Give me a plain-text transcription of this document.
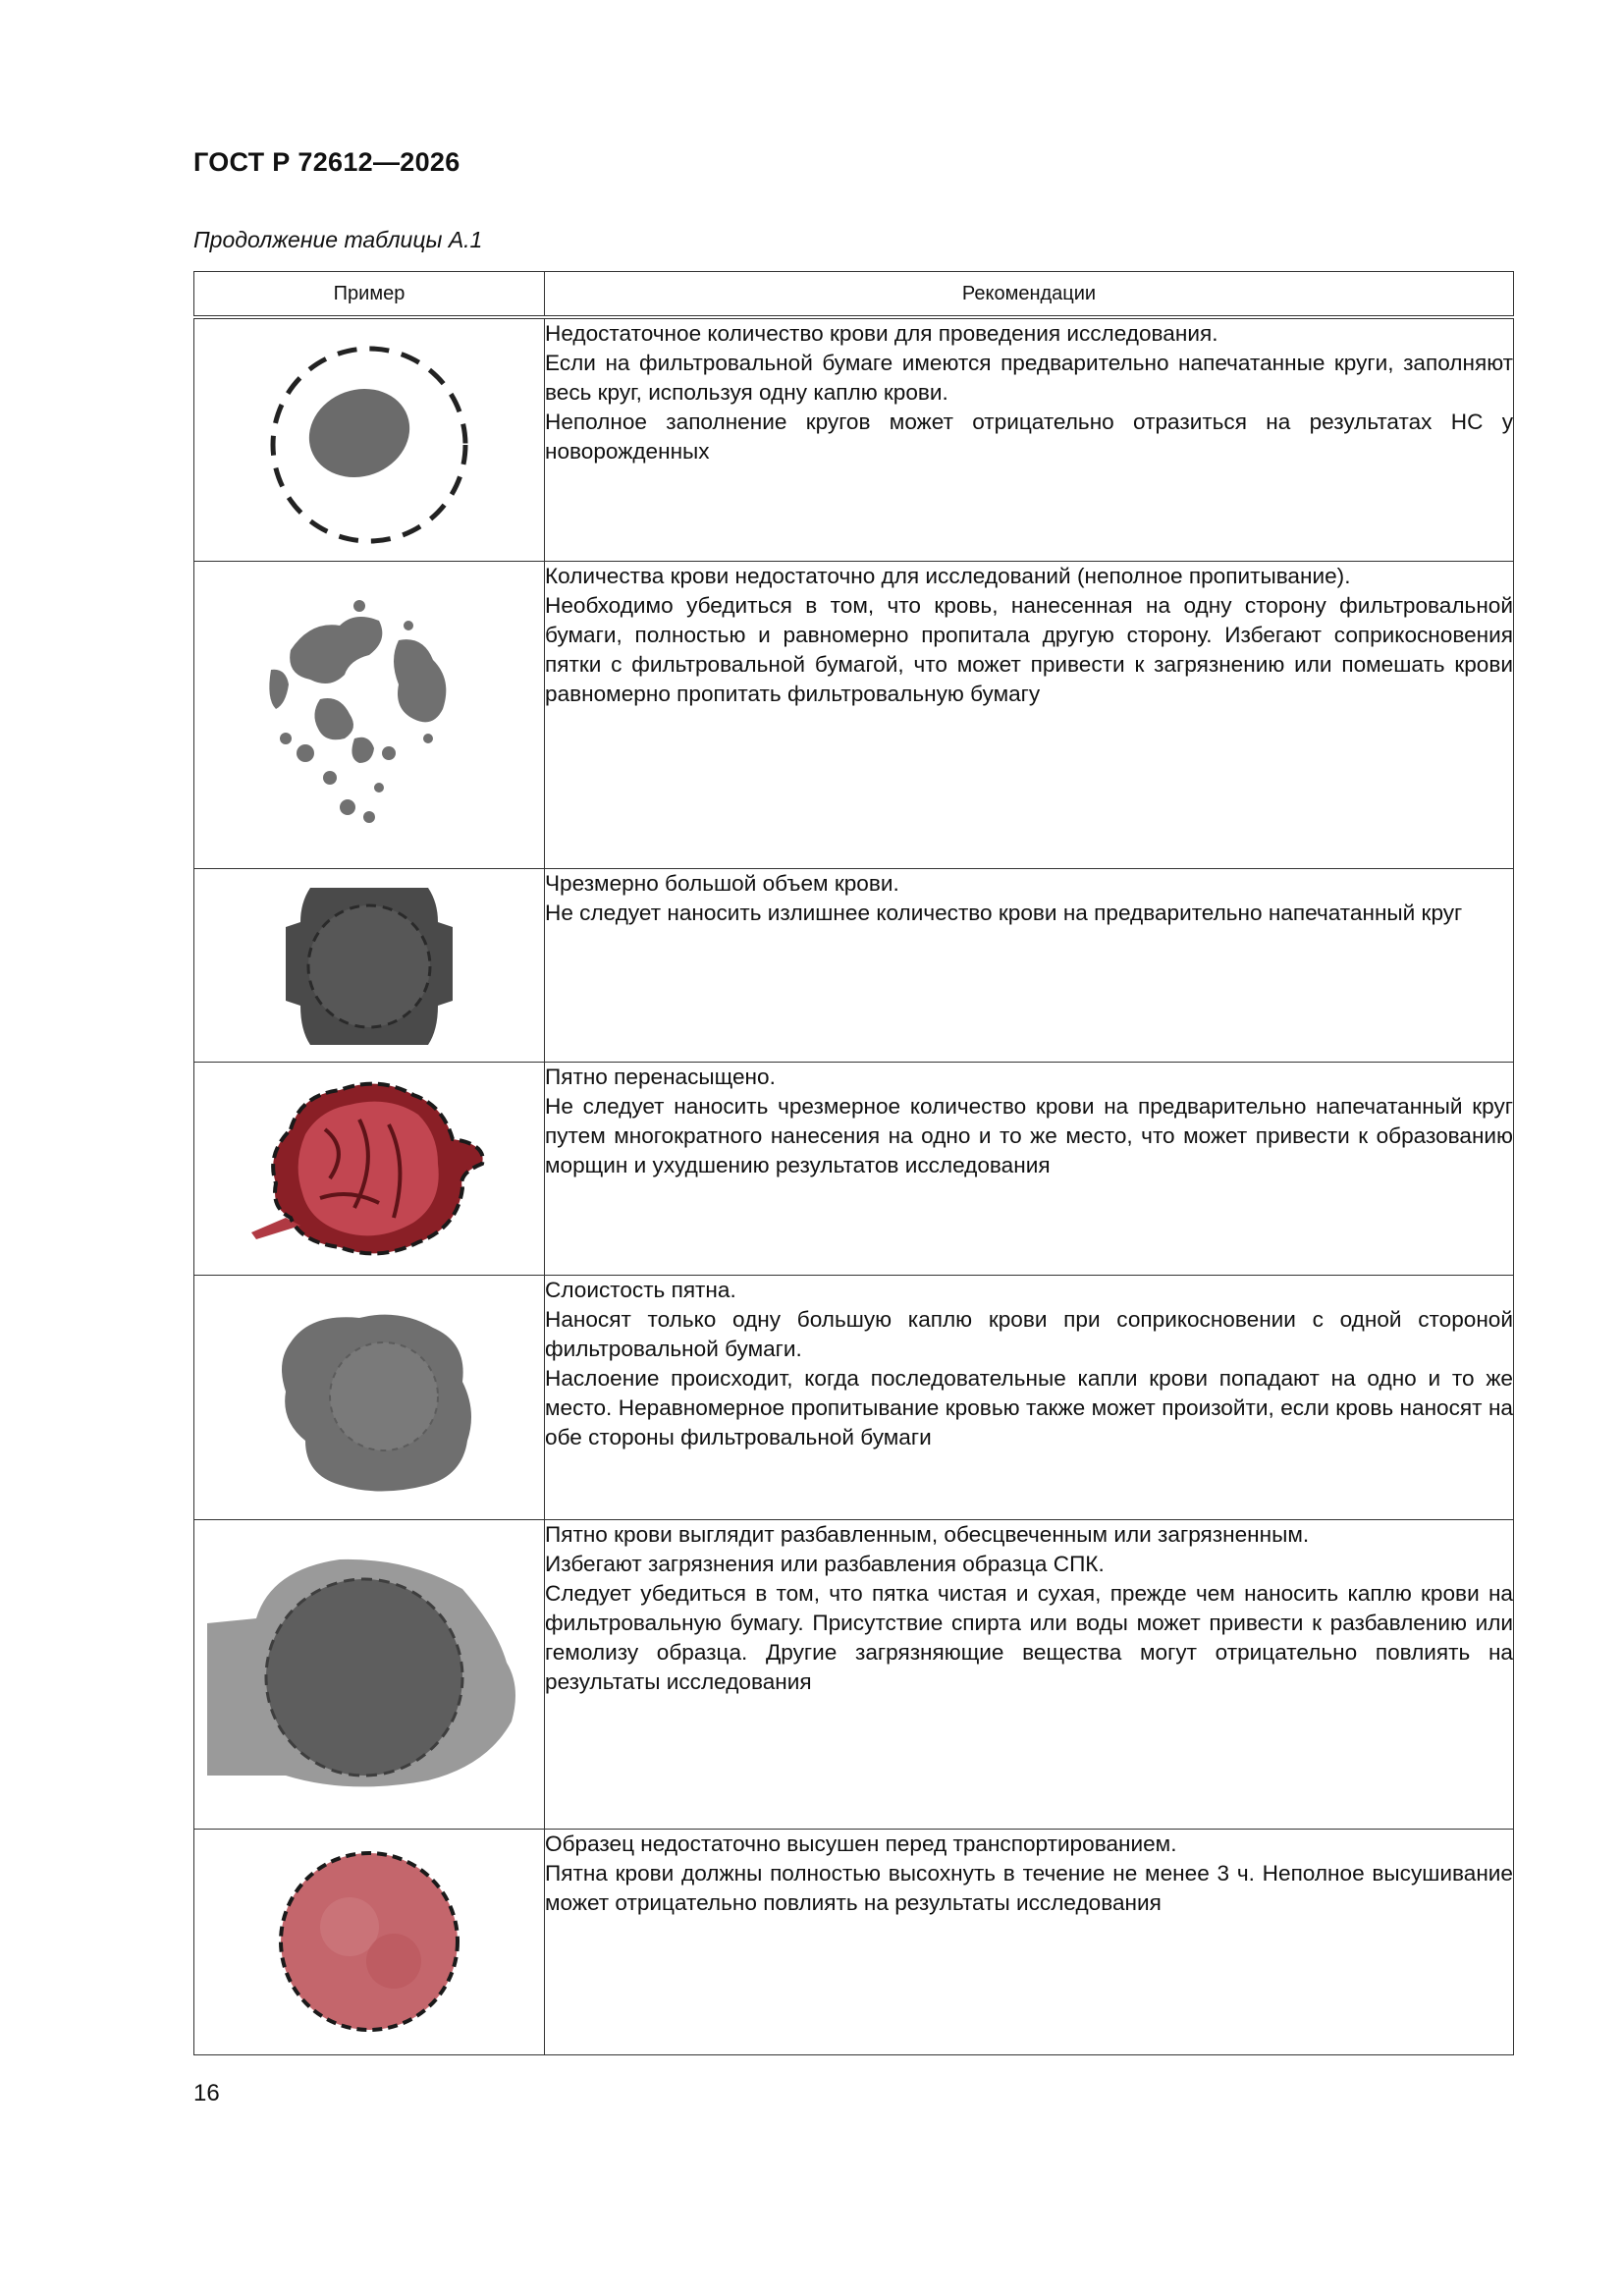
ГОСТ Р 72612—2026
Продолжение таблицы А.1
Пример	Рекомендации

Недостаточное количество крови для проведения исследования.

Если на фильтровальной бумаге имеются предварительно напечатанные круги, заполняют весь круг, используя одну каплю крови.

Неполное заполнение кругов может отрицательно отразиться на результатах НС у новорожденных

Количества крови недостаточно для исследований (неполное пропитывание).

Необходимо убедиться в том, что кровь, нанесенная на одну сторону фильтровальной бумаги, полностью и равномерно пропитала другую сторону. Избегают соприкосновения пятки с фильтровальной бумагой, что может привести к загрязнению или помешать крови равномерно пропитать фильтровальную бумагу

Чрезмерно большой объем крови.

Не следует наносить излишнее количество крови на предварительно напечатанный круг

Пятно перенасыщено.

Не следует наносить чрезмерное количество крови на предварительно напечатанный круг путем многократного нанесения на одно и то же место, что может привести к образованию морщин и ухудшению результатов исследования

Слоистость пятна.

Наносят только одну большую каплю крови при соприкосновении с одной стороной фильтровальной бумаги.

Наслоение происходит, когда последовательные капли крови попадают на одно и то же место. Неравномерное пропитывание кровью также может произойти, если кровь наносят на обе стороны фильтровальной бумаги

Пятно крови выглядит разбавленным, обесцвеченным или загрязненным.

Избегают загрязнения или разбавления образца СПК.

Следует убедиться в том, что пятка чистая и сухая, прежде чем наносить каплю крови на фильтровальную бумагу. Присутствие спирта или воды может привести к разбавлению или гемолизу образца. Другие загрязняющие вещества могут отрицательно повлиять на результаты исследования

Образец недостаточно высушен перед транспортированием.

Пятна крови должны полностью высохнуть в течение не менее 3 ч. Неполное высушивание может отрицательно повлиять на результаты исследования

16
